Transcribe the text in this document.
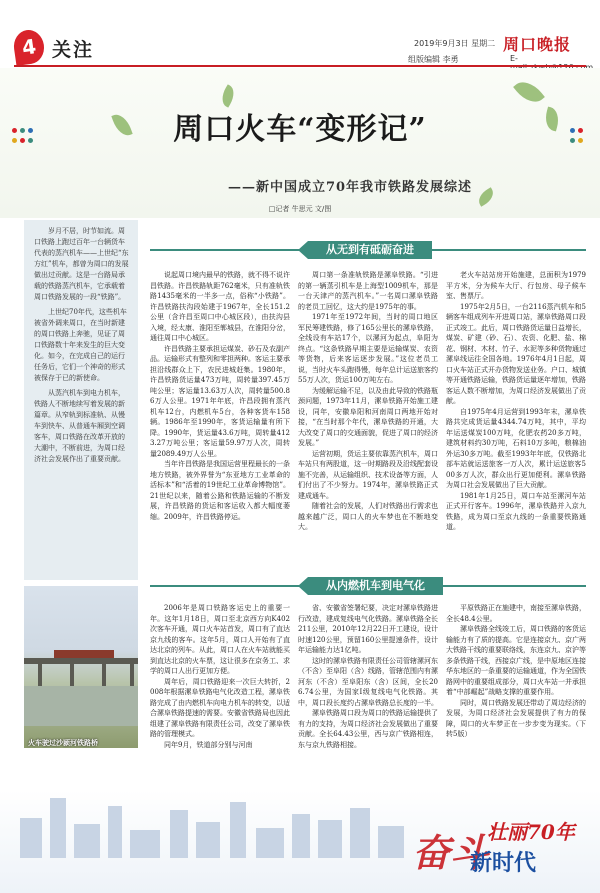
4 关注	2019年9月3日 星期二 周口晚报
组版编辑 李勇	E-
周口火车“变形记”
——新中国成立70年我市铁路发展综述
□记者 牛思元 文/图

岁月不居，时节如流。周口铁路上跑过百年一台辆货车代表的蒸汽机车——上世纪“东方红”机车，都曾为周口的发展做出过贡献。这是一台路局承载的铁路蒸汽机车，它承载着周口铁路发展的一段“铁路”。

上世纪70年代，这些机车被省外调来周口，在当时新建的周口铁路上奔驰，见证了周口铁路数十年来发生的巨大变化。如今，在完成自己的运行任务后，它们一个神奇的形式被保存于已的新使命。

从蒸汽机车到电力机车，铁路人不断地续写着发展的新篇章。从窄轨到标准轨、从慢车到快车、从普通车厢到空调客车，周口铁路在改革开放的大潮中，不断前进，为周口经济社会发展作出了重要贡献。

火车驶过沙颍河铁路桥
从无到有砥砺奋进

说起周口境内最早的铁路，就不得不说许昌铁路。许昌铁路轨距762毫米，只有准轨铁路1435毫米的一半多一点，俗称“小铁路”。许昌铁路扶沟段始建于1967年，全长151.2公里（含许昌至周口中心城区段），由扶沟县入境，经太康、淮阳至郸城县，在淮阳分岔，通往周口中心城区。

许昌铁路主要承担运煤炭、砂石及农副产品。运输形式有整列和零担两种。客运主要承担沿线群众上下，农民进城赶集。1980年，许昌铁路货运量473万吨，周转量397.45万吨公里；客运量13.63万人次，周转量500.86万人公里。1971年年底，许昌段拥有蒸汽机车12台，内燃机车5台，各种客货车158辆。1986年至1990年，客货运输量有所下降。1990年，货运量43.6万吨，周转量4123.27万吨公里；客运量59.97万人次，周转量2089.49万人公里。

当年许昌铁路是我国运营里程最长的一条地方铁路，被外界誉为“东亚地方工业革命的活标本”和“活着的19世纪工业革命博物馆”。21世纪以来，随着公路和铁路运输的不断发展，许昌铁路的货运和客运收入都大幅度萎缩。2009年，许昌铁路停运。

周口第一条准轨铁路是漯阜铁路。“引进的第一辆蒸引机车是上海型1009机车，那是一台天津产的蒸汽机车。”一名周口漯阜铁路的老员工回忆，这大约是1975年的事。

1971年至1972年间，当时的周口地区军民筹建铁路，修了165公里长的漯阜铁路，全线设有车站17个，以漯河为起点，阜阳为终点。“这条铁路早期主要是运输煤炭、农资等货物，后来客运逐步发展。”这位老员工说，当时火车头跑得慢，每年总计运送旅客约55万人次，货运100万吨左右。

为缓解运输不足，以及由此导致的铁路瓶颈问题，1973年11月，漯阜铁路开始施工建设，同年，安徽阜阳和河南周口两地开始对接，“在当时那个年代，漯阜铁路的开通，大大改变了周口的交通面貌，促进了周口的经济发展。”

运营初期，货运主要依靠蒸汽机车，周口车站只有两股道，这一时期路段及沿线配套设施不完善，从运输组织、技术设备等方面，人们付出了不少努力。1974年，漯阜铁路正式建成通车。

随着社会的发展，人们对铁路出行需求也越来越广泛，周口人的火车梦也在不断地变大。

老火车站站房开始施建，总面积为1979平方米，分为候车大厅、行包房、母子候车室、售票厅。

1975年2月5日，一台2116蒸汽机车和5辆客车组成列车开进周口站，漯阜铁路周口段正式竣工。此后，周口铁路货运量日益增长，煤炭、矿建（砂、石）、农资、化肥、盐、棉花、钢材、木材、竹子、水泥等多种货物通过漯阜线运往全国各地。1976年4月1日起，周口火车站正式开办货物发送业务。户口、城镇等开通铁路运输，铁路货运量逐年增加，铁路客运人数不断增加，为周口经济发展做出了贡献。

自1975年4月运营到1993年末，漯阜铁路共完成货运量4344.74万吨，其中，平均年运送煤炭100万吨，化肥农药20多万吨，建筑材料约30万吨，石料10万多吨，粮棉油外运30多万吨。截至1993年年底，仅铁路北部车站就运送旅客一万人次，累计运送旅客500多万人次，群众出行更加便利。漯阜铁路为周口社会发展做出了巨大贡献。

1981年1月25日，周口车站至漯河车站正式开行客车。1996年，漯阜铁路并入京九铁路，成为周口至京九线的一条重要铁路通道。

从内燃机车到电气化

2006年是周口铁路客运史上的重要一年。这年1月18日，周口至北京西方向K402次客车开通，周口火车站首发，周口有了直达京九线的客车。这年5月，周口人开始有了直达北京的列车。从此，周口人在火车站就能买到直达北京的火车票，这让很多在京务工、求学的周口人出行更加方便。

周年后，周口铁路迎来一次巨大转折，2008年根据漯阜铁路电气化改造工程，漯阜铁路完成了由内燃机车向电力机车的转变，以适合漯阜铁路提速的需要。安徽省铁路局也因此组建了漯阜铁路有限责任公司，改变了漯阜铁路的管理模式。

同年9月，铁道部分别与河南

省、安徽省签署纪要，决定对漯阜铁路进行改造，建成复线电气化铁路。漯阜铁路全长211公里，2010年12月22日开工建设，设计时速120公里，预留160公里提速条件，设计年运输能力达1亿吨。

这时的漯阜铁路有限责任公司管辖漯河东（不含）至阜阳（含）线路，管辖范围内有漯河东（不含）至阜阳东（含）区间，全长206.74公里，为国家Ⅰ级复线电气化铁路。其中，周口段长度约占漯阜铁路总长度的一半。

漯阜铁路周口段为周口的铁路运输提供了有力的支持，为周口经济社会发展做出了重要贡献。全长64.43公里，西与京广铁路相连，东与京九铁路相接。

平原铁路正在施建中，南接至漯阜铁路，全长48.4公里。

漯阜铁路全线竣工后，周口铁路的客货运输能力有了质的提高。它是连接京九、京广两大铁路干线的重要联络线，东连京九、京沪等多条铁路干线，西接京广线，是中原地区连接华东地区的一条重要的运输通道，作为全国铁路网中的重要组成部分，周口火车站一并承担着“中部崛起”战略支撑的重要作用。

同时，周口铁路发展还带动了周边经济的发展，为周口经济社会发展提供了有力的保障，周口的火车梦正在一步步变为现实。（下转5版）

奋斗
壮丽70年
新时代
